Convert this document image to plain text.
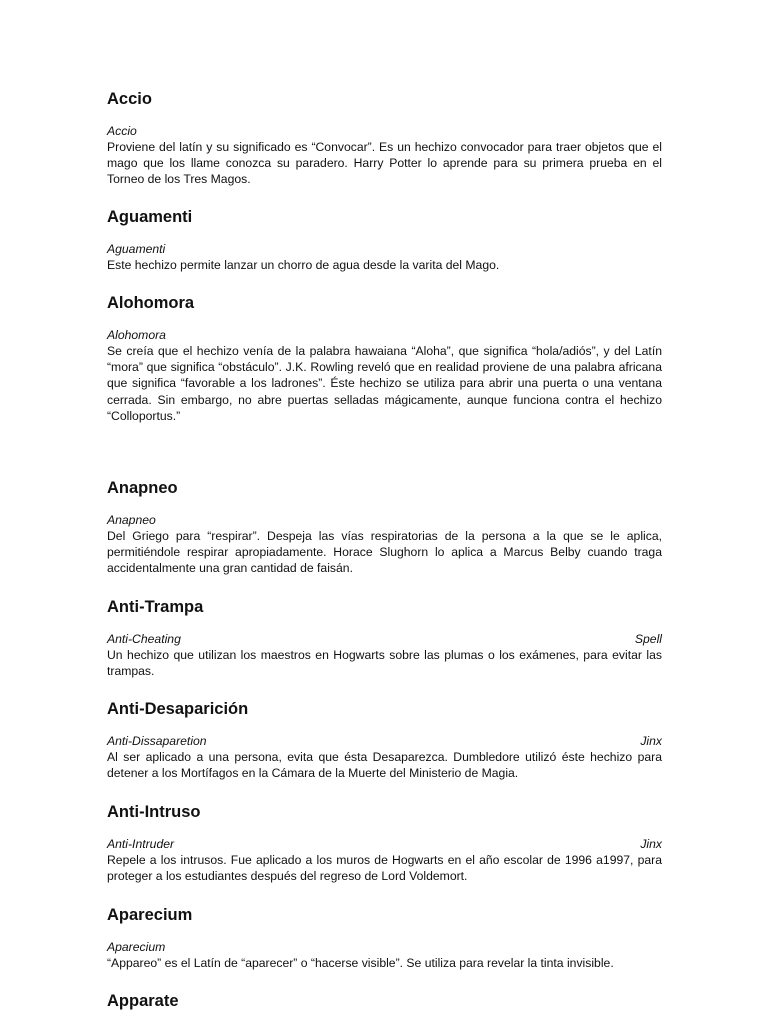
Accio
Accio

Proviene del latín y su significado es “Convocar”. Es un hechizo convocador para traer objetos que el mago que los llame conozca su paradero. Harry Potter lo aprende para su primera prueba en el Torneo de los Tres Magos.

Aguamenti
Aguamenti

Este hechizo permite lanzar un chorro de agua desde la varita del Mago.

Alohomora
Alohomora

Se creía que el hechizo venía de la palabra hawaiana “Aloha”, que significa “hola/adiós”, y del Latín “mora” que significa “obstáculo”. J.K. Rowling reveló que en realidad proviene de una palabra africana que significa “favorable a los ladrones”. Éste hechizo se utiliza para abrir una puerta o una ventana cerrada. Sin embargo, no abre puertas selladas mágicamente, aunque funciona contra el hechizo “Colloportus.”

Anapneo
Anapneo

Del Griego para “respirar”. Despeja las vías respiratorias de la persona a la que se le aplica, permitiéndole respirar apropiadamente. Horace Slughorn lo aplica a Marcus Belby cuando traga accidentalmente una gran cantidad de faisán.

Anti-Trampa
Anti-Cheating	Spell

Un hechizo que utilizan los maestros en Hogwarts sobre las plumas o los exámenes, para evitar las trampas.

Anti-Desaparición
Anti-Dissaparetion	Jinx

Al ser aplicado a una persona, evita que ésta Desaparezca. Dumbledore utilizó éste hechizo para detener a los Mortífagos en la Cámara de la Muerte del Ministerio de Magia.

Anti-Intruso
Anti-Intruder	Jinx

Repele a los intrusos. Fue aplicado a los muros de Hogwarts en el año escolar de 1996 a1997, para proteger a los estudiantes después del regreso de Lord Voldemort.

Aparecium
Aparecium

“Appareo” es el Latín de “aparecer” o “hacerse visible”. Se utiliza para revelar la tinta invisible.

Apparate
